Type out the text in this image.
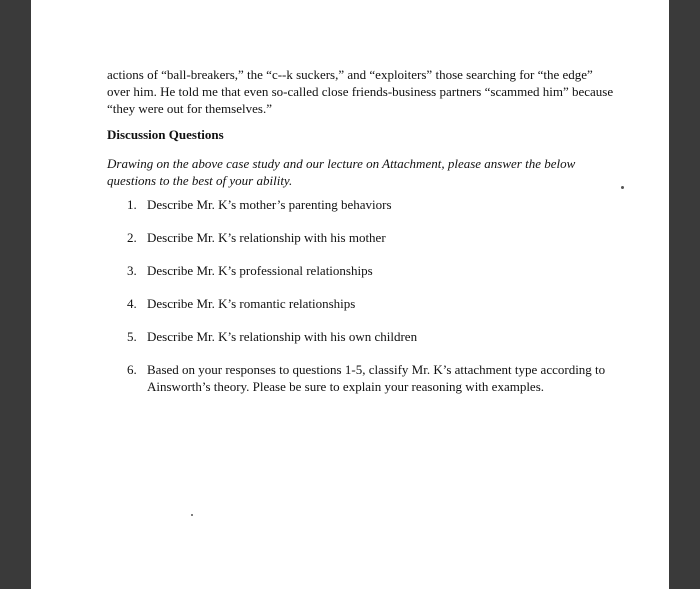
actions of “ball-breakers,” the “c--k suckers,” and “exploiters” those searching for “the edge”

over him. He told me that even so-called close friends-business partners “scammed him” because

“they were out for themselves.”

Discussion Questions
Drawing on the above case study and our lecture on Attachment, please answer the below questions to the best of your ability.
1. Describe Mr. K’s mother’s parenting behaviors
2. Describe Mr. K’s relationship with his mother
3. Describe Mr. K’s professional relationships
4. Describe Mr. K’s romantic relationships
5. Describe Mr. K’s relationship with his own children
6. Based on your responses to questions 1-5, classify Mr. K’s attachment type according to Ainsworth’s theory. Please be sure to explain your reasoning with examples.
